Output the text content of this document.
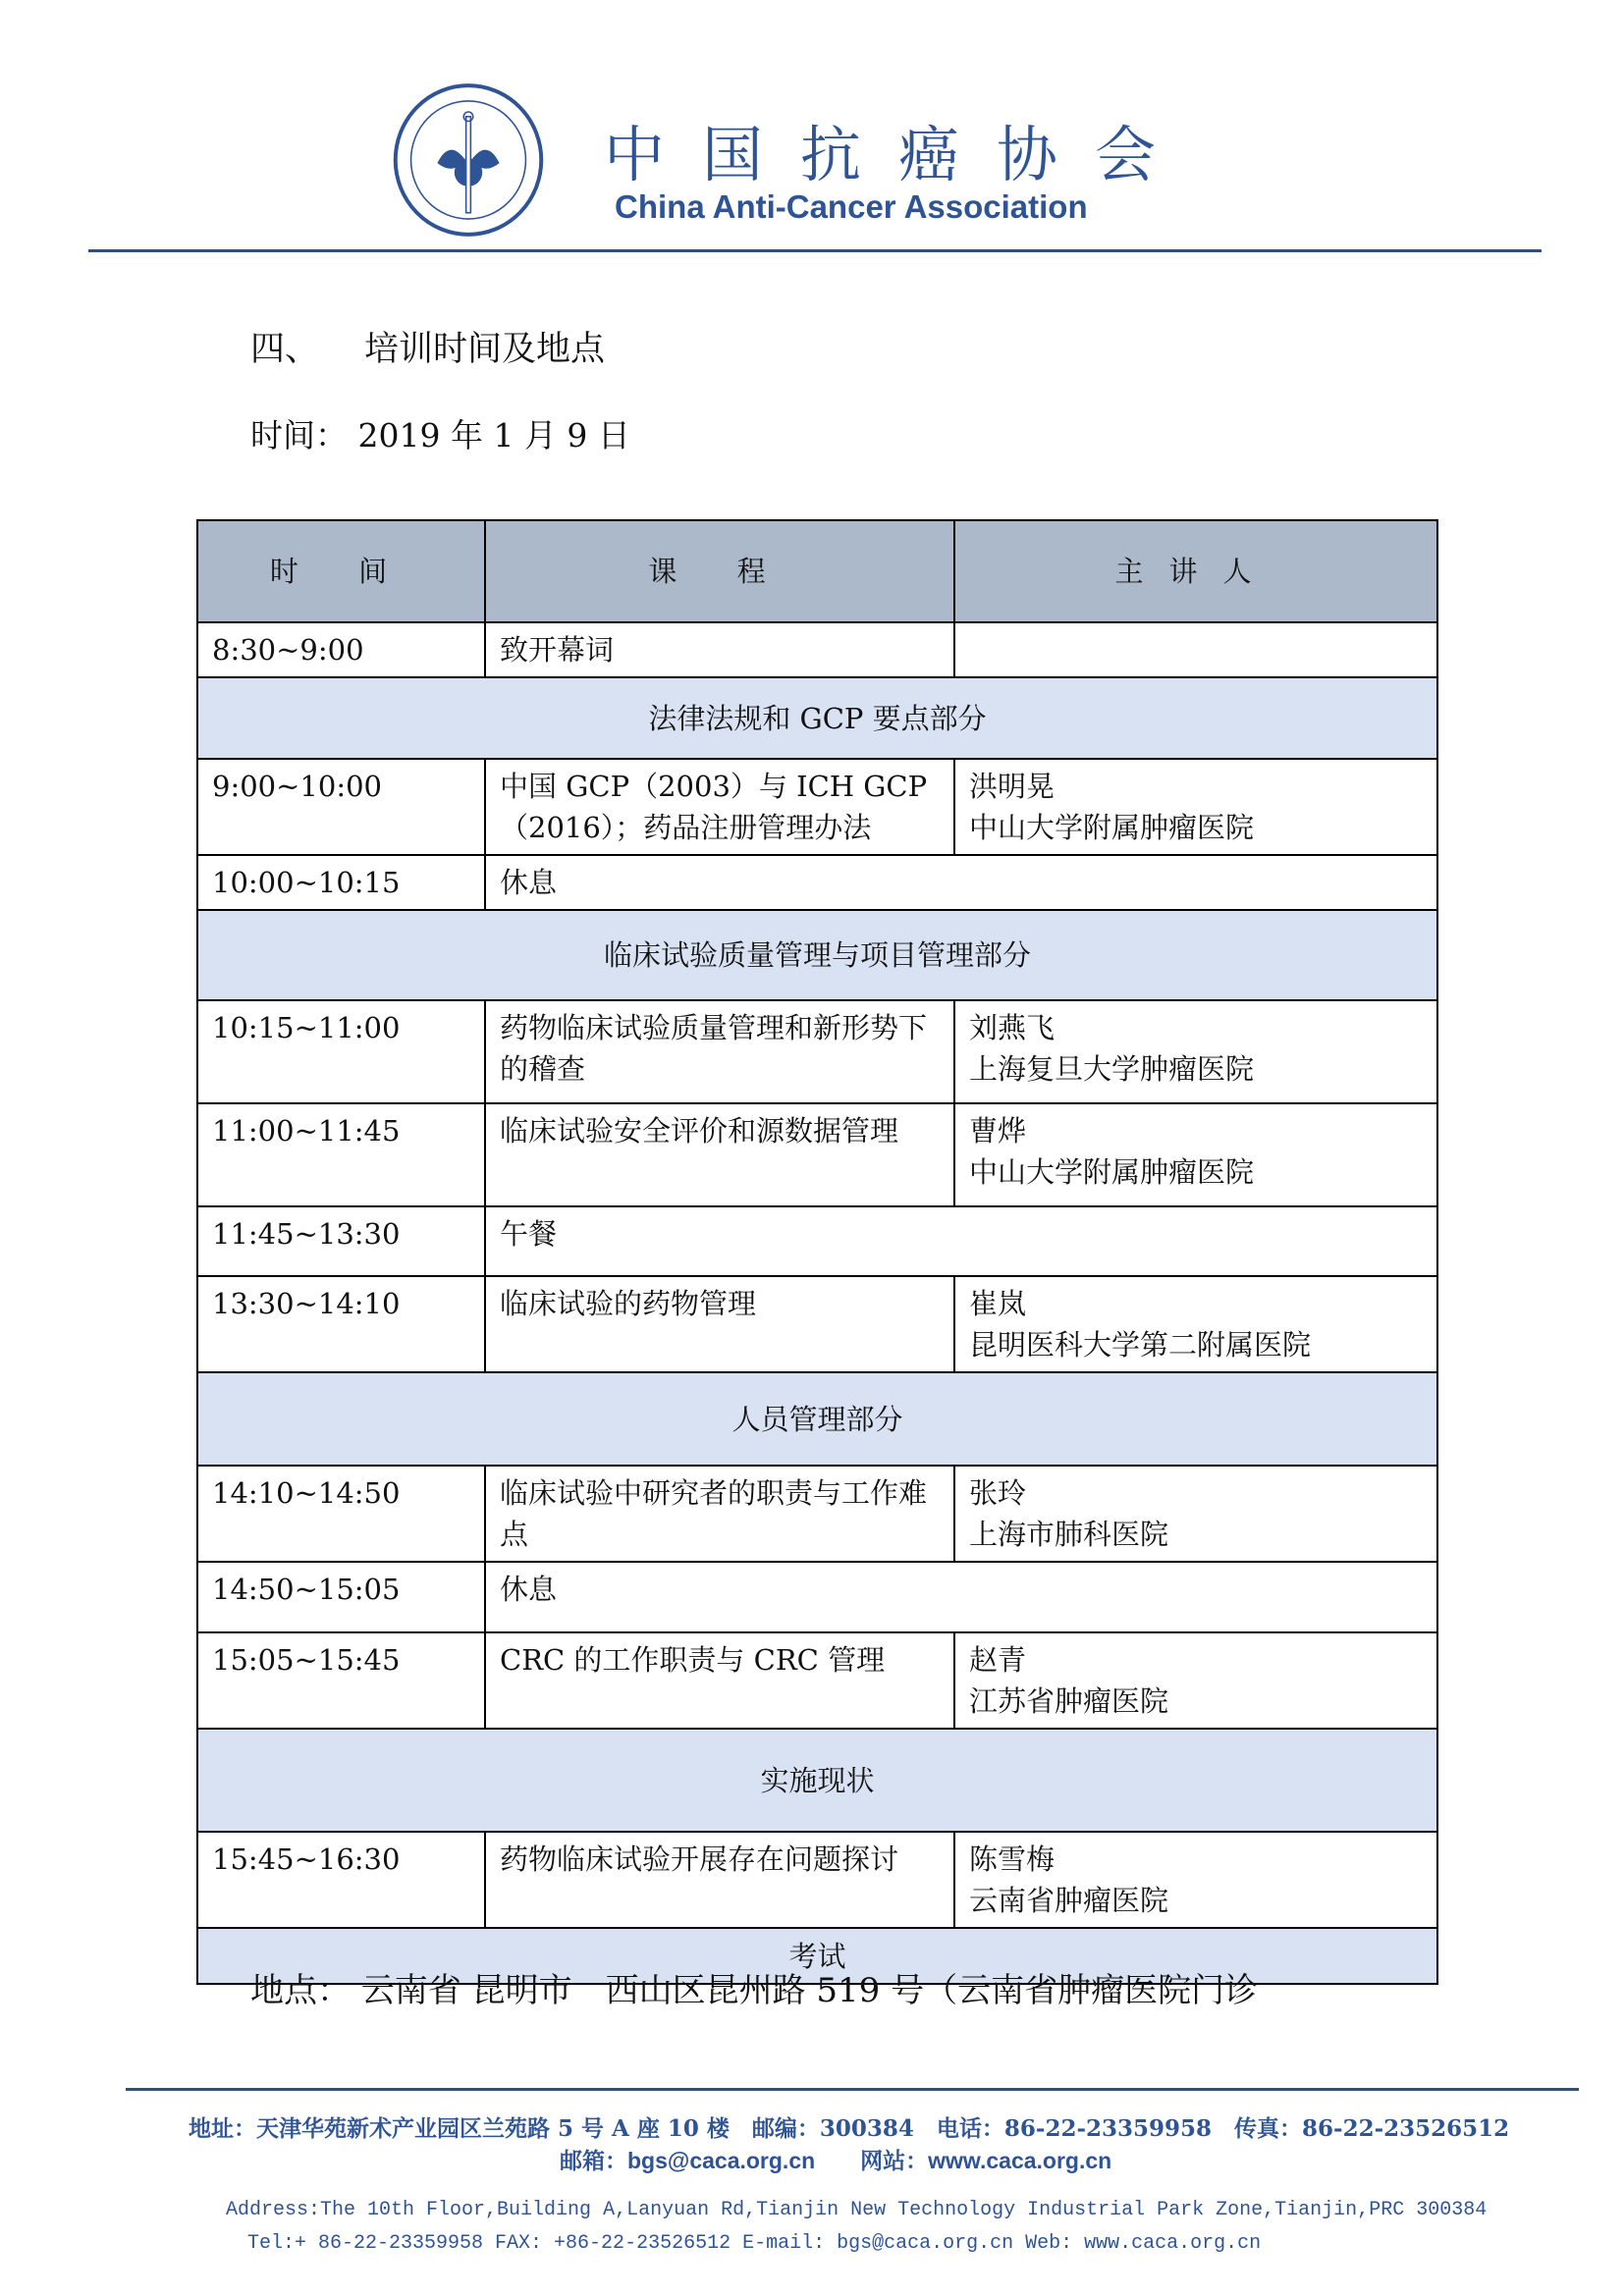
中国抗癌协会
China Anti-Cancer Association
四、 培训时间及地点
时间： 2019 年 1 月 9 日
时 间	课 程	主讲人
8:30~9:00	致开幕词	

法律法规和 GCP 要点部分		
9:00~10:00	中国 GCP（2003）与 ICH GCP（2016）；药品注册管理办法	洪明晃
中山大学附属肿瘤医院

10:00~10:15	休息	
临床试验质量管理与项目管理部分		
10:15~11:00	药物临床试验质量管理和新形势下的稽查	刘燕飞
上海复旦大学肿瘤医院

11:00~11:45	临床试验安全评价和源数据管理	曹烨
中山大学附属肿瘤医院

11:45~13:30	午餐	
13:30~14:10	临床试验的药物管理	崔岚
昆明医科大学第二附属医院

人员管理部分		
14:10~14:50	临床试验中研究者的职责与工作难点	张玲
上海市肺科医院

14:50~15:05	休息	
15:05~15:45	CRC 的工作职责与 CRC 管理	赵青
江苏省肿瘤医院

实施现状		
15:45~16:30	药物临床试验开展存在问题探讨	陈雪梅
云南省肿瘤医院

考试		
地点： 云南省 昆明市　西山区昆州路 519 号（云南省肿瘤医院门诊
地址：天津华苑新术产业园区兰苑路 5 号 A 座 10 楼　邮编：300384　电话：86-22-23359958　传真：86-22-23526512
邮箱：bgs@caca.org.cn　　网站：www.caca.org.cn
Address:The 10th Floor,Building A,Lanyuan Rd,Tianjin New Technology Industrial Park Zone,Tianjin,PRC 300384
Tel:+ 86-22-23359958 FAX: +86-22-23526512 E-mail: bgs@caca.org.cn Web: www.caca.org.cn
